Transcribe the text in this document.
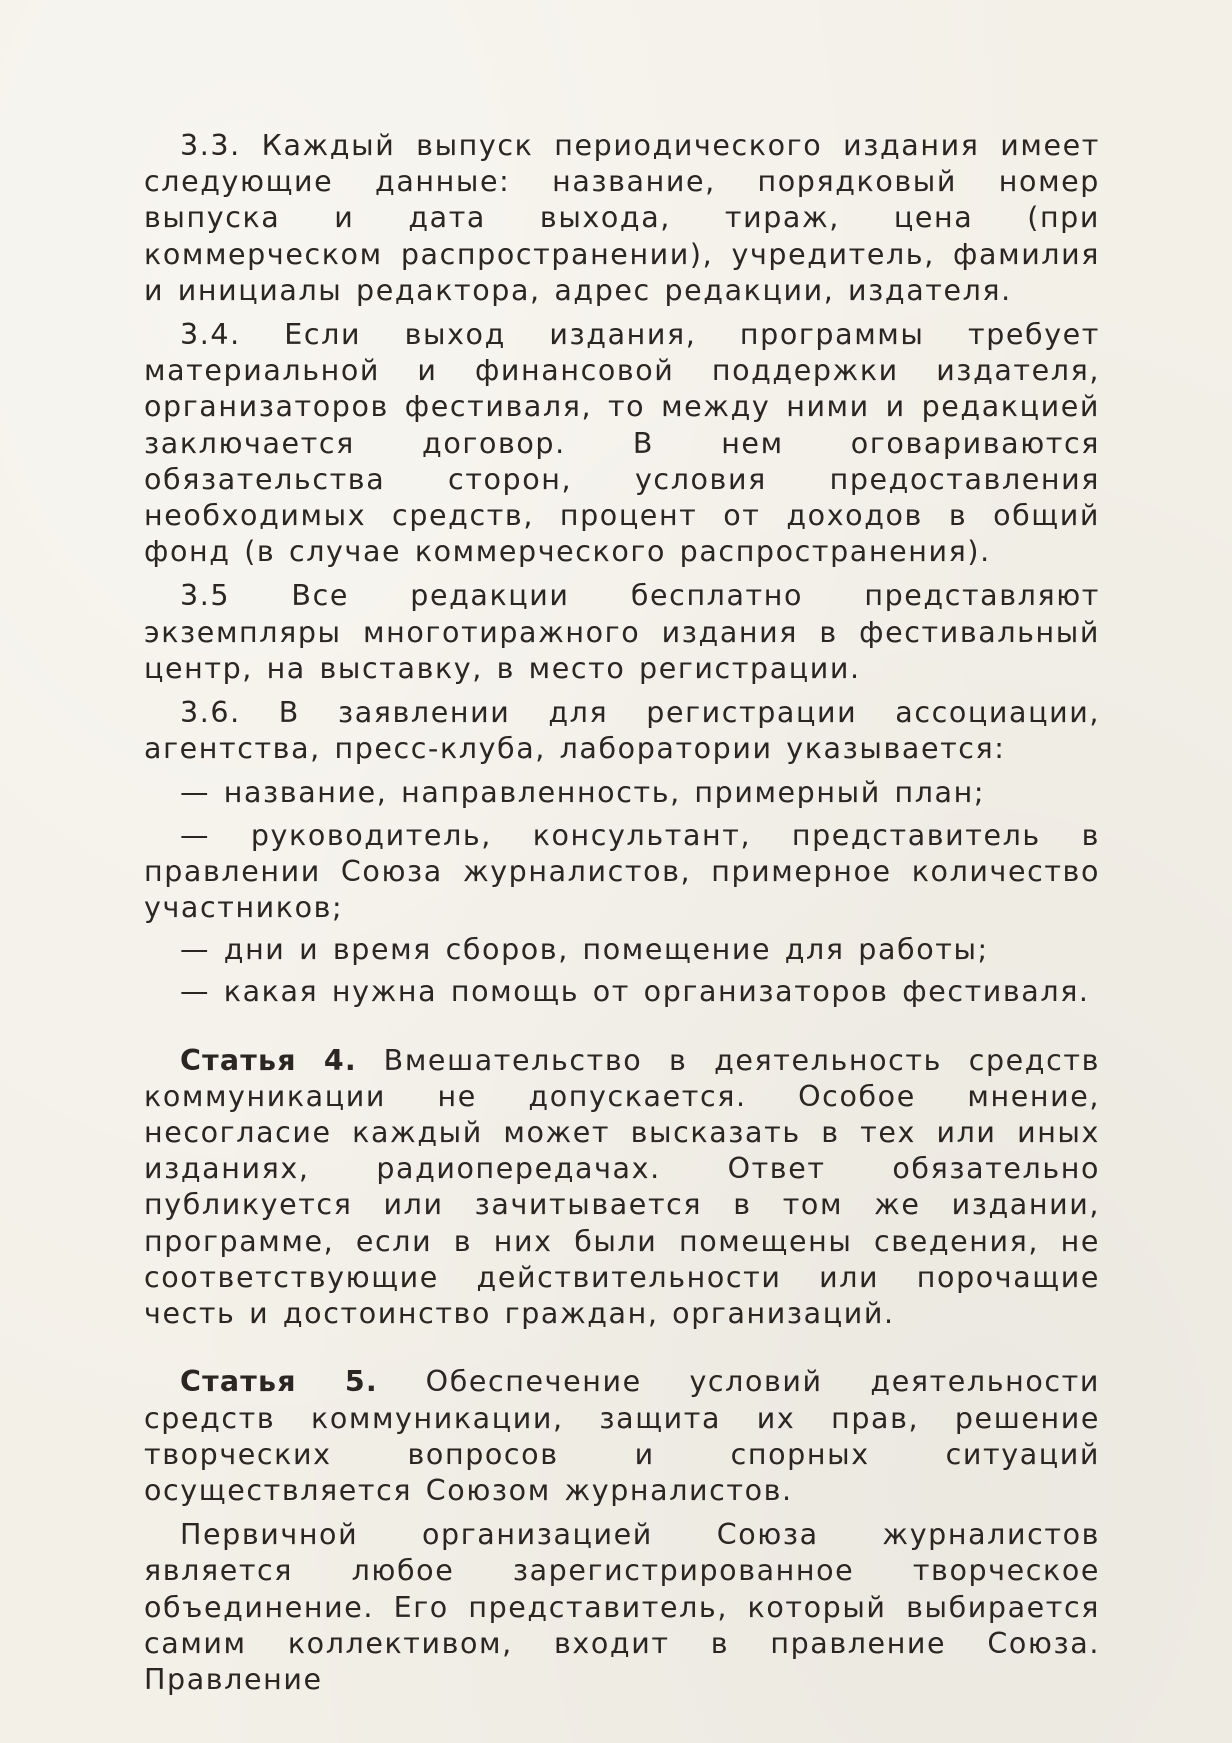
3.3. Каждый выпуск периодического издания имеет следующие данные: название, порядковый номер выпуска и дата выхода, тираж, цена (при коммерческом распространении), учредитель, фамилия и инициалы редактора, адрес редакции, издателя.

3.4. Если выход издания, программы требует материальной и финансовой поддержки издателя, организаторов фестиваля, то между ними и редакцией заключается договор. В нем оговариваются обязательства сторон, условия предоставления необходимых средств, процент от доходов в общий фонд (в случае коммерческого распространения).

3.5 Все редакции бесплатно представляют экземпляры многотиражного издания в фестивальный центр, на выставку, в место регистрации.

3.6. В заявлении для регистрации ассоциации, агентства, пресс-клуба, лаборатории указывается:

— название, направленность, примерный план;

— руководитель, консультант, представитель в правлении Союза журналистов, примерное количество участников;

— дни и время сборов, помещение для работы;

— какая нужна помощь от организаторов фестиваля.

Статья 4. Вмешательство в деятельность средств коммуникации не допускается. Особое мнение, несогласие каждый может высказать в тех или иных изданиях, радиопередачах. Ответ обязательно публикуется или зачитывается в том же издании, программе, если в них были помещены сведения, не соответствующие действительности или порочащие честь и достоинство граждан, организаций.

Статья 5. Обеспечение условий деятельности средств коммуникации, защита их прав, решение творческих вопросов и спорных ситуаций осуществляется Союзом журналистов.

Первичной организацией Союза журналистов является любое зарегистрированное творческое объединение. Его представитель, который выбирается самим коллективом, входит в правление Союза. Правление
